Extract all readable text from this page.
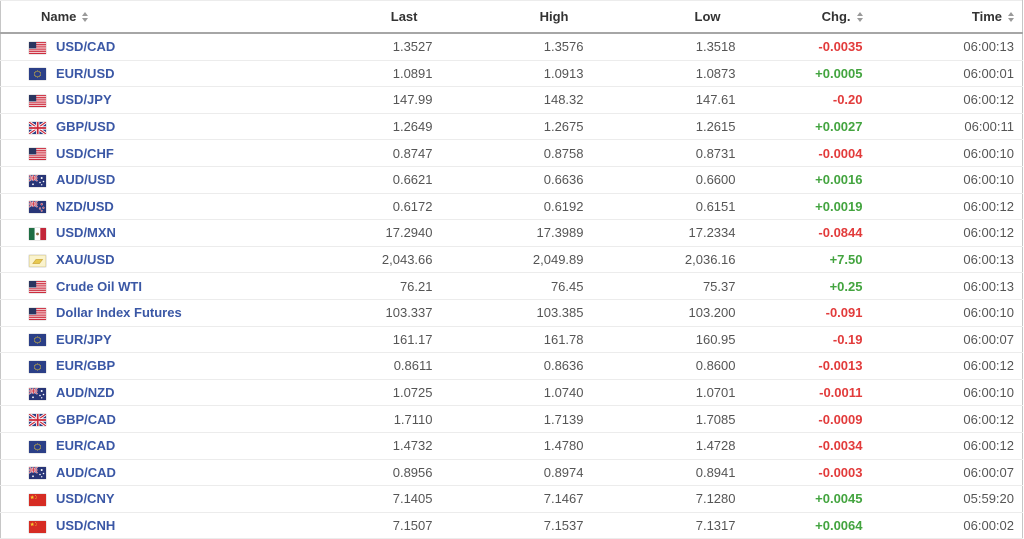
Name	Last	High	Low	Chg.	Time

USD/CAD	1.3527	1.3576	1.3518	-0.0035	06:00:13

EUR/USD	1.0891	1.0913	1.0873	+0.0005	06:00:01

USD/JPY	147.99	148.32	147.61	-0.20	06:00:12

GBP/USD	1.2649	1.2675	1.2615	+0.0027	06:00:11

USD/CHF	0.8747	0.8758	0.8731	-0.0004	06:00:10

AUD/USD	0.6621	0.6636	0.6600	+0.0016	06:00:10

NZD/USD	0.6172	0.6192	0.6151	+0.0019	06:00:12

USD/MXN	17.2940	17.3989	17.2334	-0.0844	06:00:12

XAU/USD	2,043.66	2,049.89	2,036.16	+7.50	06:00:13

Crude Oil WTI	76.21	76.45	75.37	+0.25	06:00:13

Dollar Index Futures	103.337	103.385	103.200	-0.091	06:00:10

EUR/JPY	161.17	161.78	160.95	-0.19	06:00:07

EUR/GBP	0.8611	0.8636	0.8600	-0.0013	06:00:12

AUD/NZD	1.0725	1.0740	1.0701	-0.0011	06:00:10

GBP/CAD	1.7110	1.7139	1.7085	-0.0009	06:00:12

EUR/CAD	1.4732	1.4780	1.4728	-0.0034	06:00:12

AUD/CAD	0.8956	0.8974	0.8941	-0.0003	06:00:07

USD/CNY	7.1405	7.1467	7.1280	+0.0045	05:59:20

USD/CNH	7.1507	7.1537	7.1317	+0.0064	06:00:02
